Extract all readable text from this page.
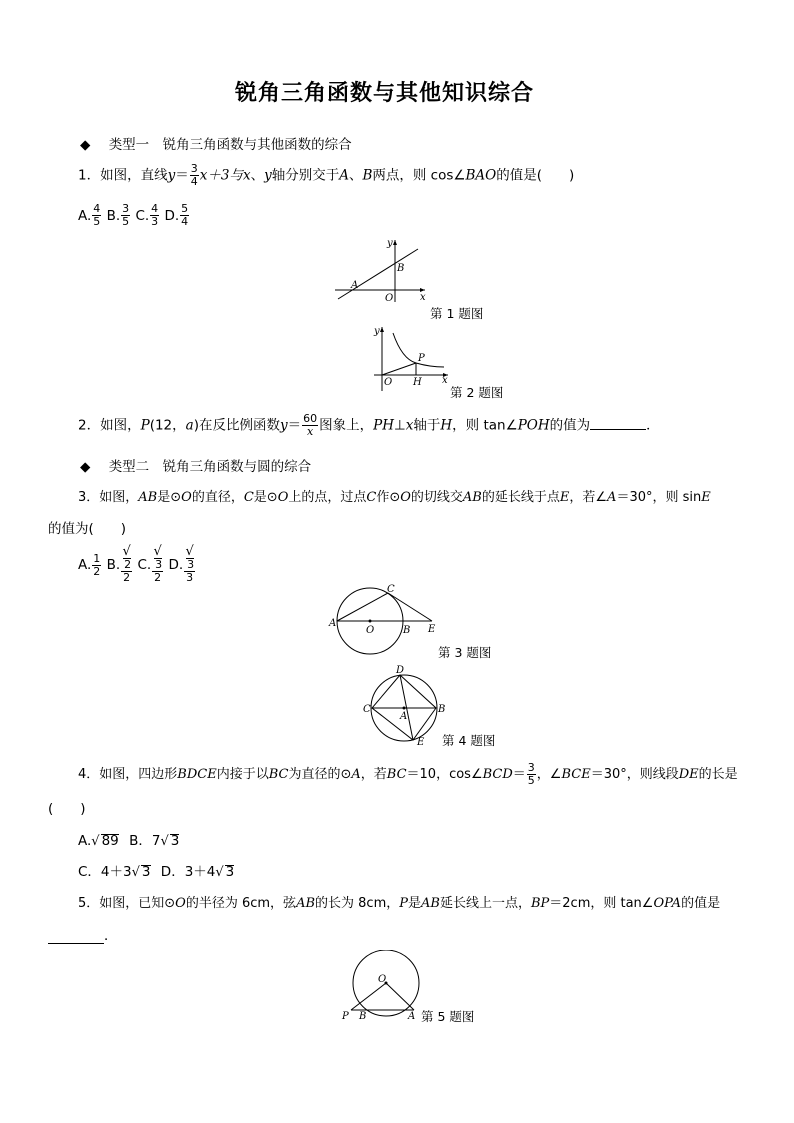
锐角三角函数与其他知识综合
◆ 类型一　锐角三角函数与其他函数的综合
1．如图，直线$y= \frac{3}{4} x+3$与x、y轴分别交于A、B两点，则 cos∠BAO的值是(　　)
A. $\frac{4}{5} B$. $\frac{3}{5} C$. $\frac{4}{3} D$. $\frac{5}{4}$
y
B
A
O	x
第 1 题图
y
P
O H x
第 2 题图
2．如图，P(12，a)在反比例函数$y= \frac{60}{x}$ 图象上，PH⊥x轴于H，则 tan∠POH的值为	．
◆ 类型二　锐角三角函数与圆的综合
3．如图，AB是⊙O的直径，C是⊙O上的点，过点C作⊙O的切线交AB的延长线于点E，若∠A＝30°，则 sinE
的值为(　　)
A. $\frac{1}{2} B$. √
2
2 C. √
3
2 D. √
3
3
C
A
O	B E
第 3 题图
D
C
A
B
E 第 4 题图
4．如图，四边形BDCE内接于以BC为直径的⊙A，若BC＝10，cos∠BCD＝ $\frac{3}{5}$ ，∠BCE＝30°，则线段DE的长是
(　　)
A.√ 89 B．7√ 3
C．4＋3√ 3 D．3＋4√ 3
5．如图，已知⊙O的半径为 6cm，弦AB的长为 8cm，P是AB延长线上一点，BP＝2cm，则 tan∠OPA的值是
．
O
P B	A 第 5 题图
